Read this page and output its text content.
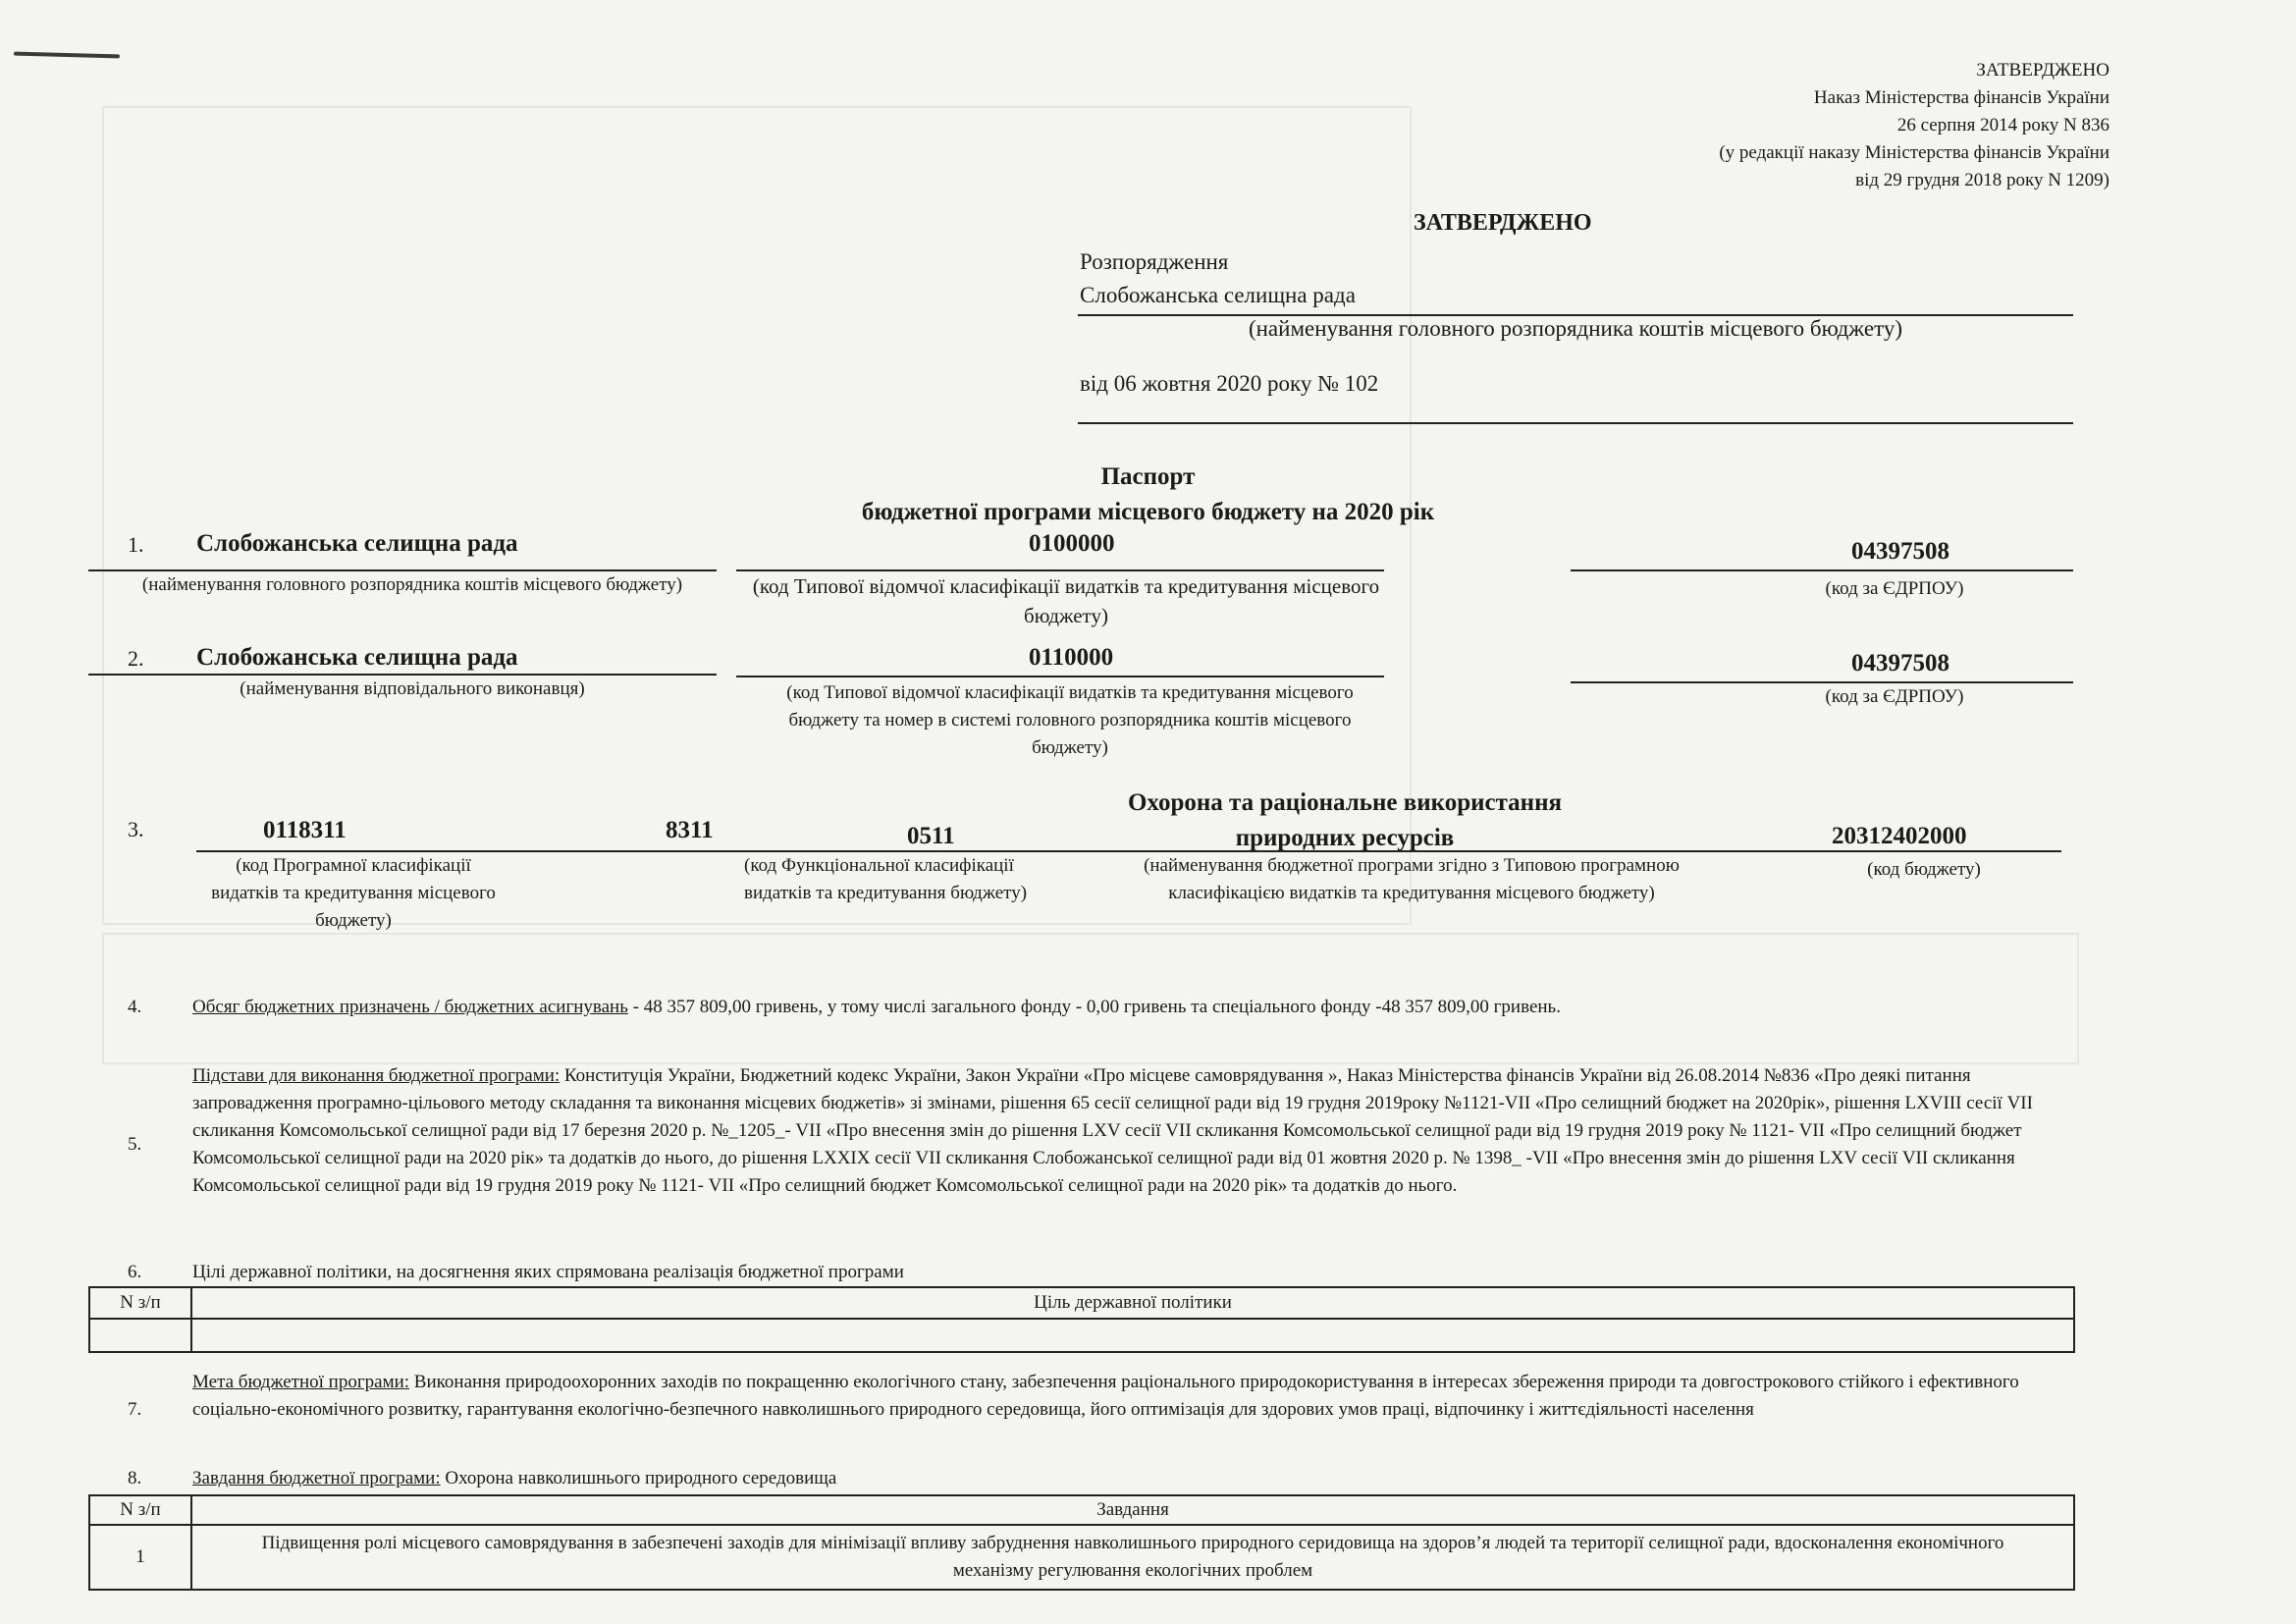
ЗАТВЕРДЖЕНО
Наказ Міністерства фінансів України
26 серпня 2014 року N 836
(у редакції наказу Міністерства фінансів України
від 29 грудня 2018 року N 1209)
ЗАТВЕРДЖЕНО
Розпорядження
Слобожанська селищна рада
(найменування головного розпорядника коштів місцевого бюджету)
від 06 жовтня 2020 року № 102
Паспорт
бюджетної програми місцевого бюджету на 2020 рік
1. Слобожанська селищна рада	0100000	04397508
(найменування головного розпорядника коштів місцевого бюджету)	(код Типової відомчої класифікації видатків та кредитування місцевого бюджету)
(код за ЄДРПОУ)
2. Слобожанська селищна рада	0110000	04397508
(найменування відповідального виконавця)	(код Типової відомчої класифікації видатків та кредитування місцевого бюджету та номер в системі головного розпорядника коштів місцевого бюджету)
(код за ЄДРПОУ)
3.	0118311	8311	0511
Охорона та раціональне використання природних ресурсів	20312402000
(код Програмної класифікації видатків та кредитування місцевого бюджету)
(код Функціональної класифікації видатків та кредитування бюджету)
(найменування бюджетної програми згідно з Типовою програмною класифікацією видатків та кредитування місцевого бюджету)
(код бюджету)
4.	Обсяг бюджетних призначень / бюджетних асигнувань - 48 357 809,00 гривень, у тому числі загального фонду - 0,00 гривень та спеціального фонду -48 357 809,00 гривень.
5.
Підстави для виконання бюджетної програми: Конституція України, Бюджетний кодекс України, Закон України «Про місцеве самоврядування », Наказ Міністерства фінансів України від 26.08.2014 №836 «Про деякі питання запровадження програмно-цільового методу складання та виконання місцевих бюджетів» зі змінами, рішення 65 сесії селищної ради від 19 грудня 2019року №1121-VII «Про селищний бюджет на 2020рік», рішення LXVIII сесії VII скликання Комсомольської селищної ради від 17 березня 2020 р. №_1205_- VII «Про внесення змін до рішення LXV сесії VII скликання Комсомольської селищної ради від 19 грудня 2019 року № 1121- VII «Про селищний бюджет Комсомольської селищної ради на 2020 рік» та додатків до нього, до рішення LXXIX сесії VII скликання Слобожанської селищної ради від 01 жовтня 2020 р. № 1398_ -VII «Про внесення змін до рішення LXV сесії VII скликання Комсомольської селищної ради від 19 грудня 2019 року № 1121- VII «Про селищний бюджет Комсомольської селищної ради на 2020 рік» та додатків до нього.
6.	Цілі державної політики, на досягнення яких спрямована реалізація бюджетної програми
N з/п	Ціль державної політики

7.
Мета бюджетної програми: Виконання природоохоронних заходів по покращенню екологічного стану, забезпечення раціонального природокористування в інтересах збереження природи та довгострокового стійкого і ефективного соціально-економічного розвитку, гарантування екологічно-безпечного навколишнього природного середовища, його оптимізація для здорових умов праці, відпочинку і життєдіяльності населення
8.	Завдання бюджетної програми: Охорона навколишнього природного середовища
N з/п	Завдання
1	Підвищення ролі місцевого самоврядування в забезпечені заходів для мінімізації впливу забруднення навколишнього природного серидовища на здоров’я людей та території селищної ради, вдосконалення економічного механізму регулювання екологічних проблем
